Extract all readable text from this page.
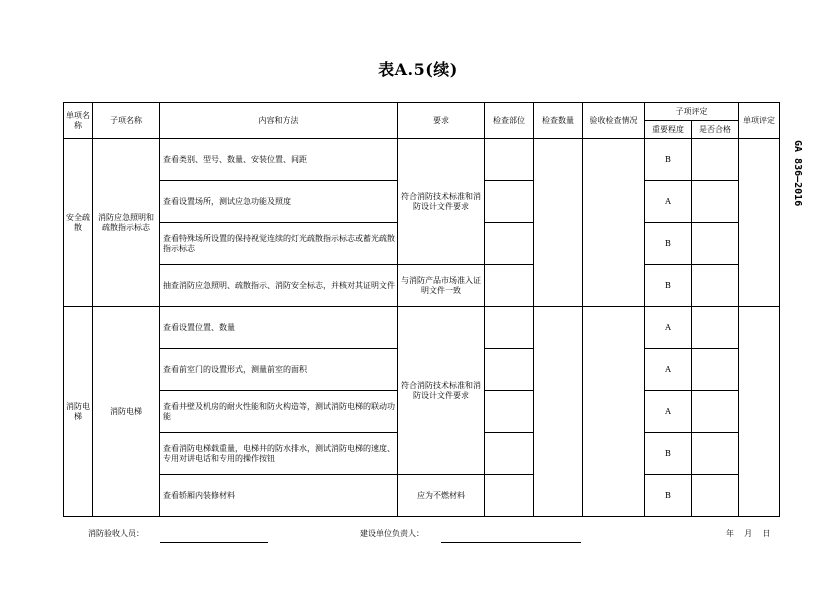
表A.5(续)
GA 836—2016
单项名称	子项名称	内容和方法	要求	检查部位	检查数量	验收检查情况	子项评定		单项评定
							重要程度	是否合格	
安全疏散	消防应急照明和疏散指示标志	查看类别、型号、数量、安装位置、间距	符合消防技术标准和消防设计文件要求				B		
		查看设置场所，测试应急功能及照度					A		
		查看特殊场所设置的保持视觉连续的灯光疏散指示标志或蓄光疏散指示标志					B		
		抽查消防应急照明、疏散指示、消防安全标志，并核对其证明文件	与消防产品市场准入证明文件一致				B		
消防电梯	消防电梯	查看设置位置、数量	符合消防技术标准和消防设计文件要求				A		
		查看前室门的设置形式，测量前室的面积					A		
		查看井壁及机房的耐火性能和防火构造等，测试消防电梯的联动功能					A		
		查看消防电梯载重量，电梯井的防水排水，测试消防电梯的速度、专用对讲电话和专用的操作按钮					B		
		查看轿厢内装修材料	应为不燃材料				B		
消防验收人员：	建设单位负责人：	年    月    日
